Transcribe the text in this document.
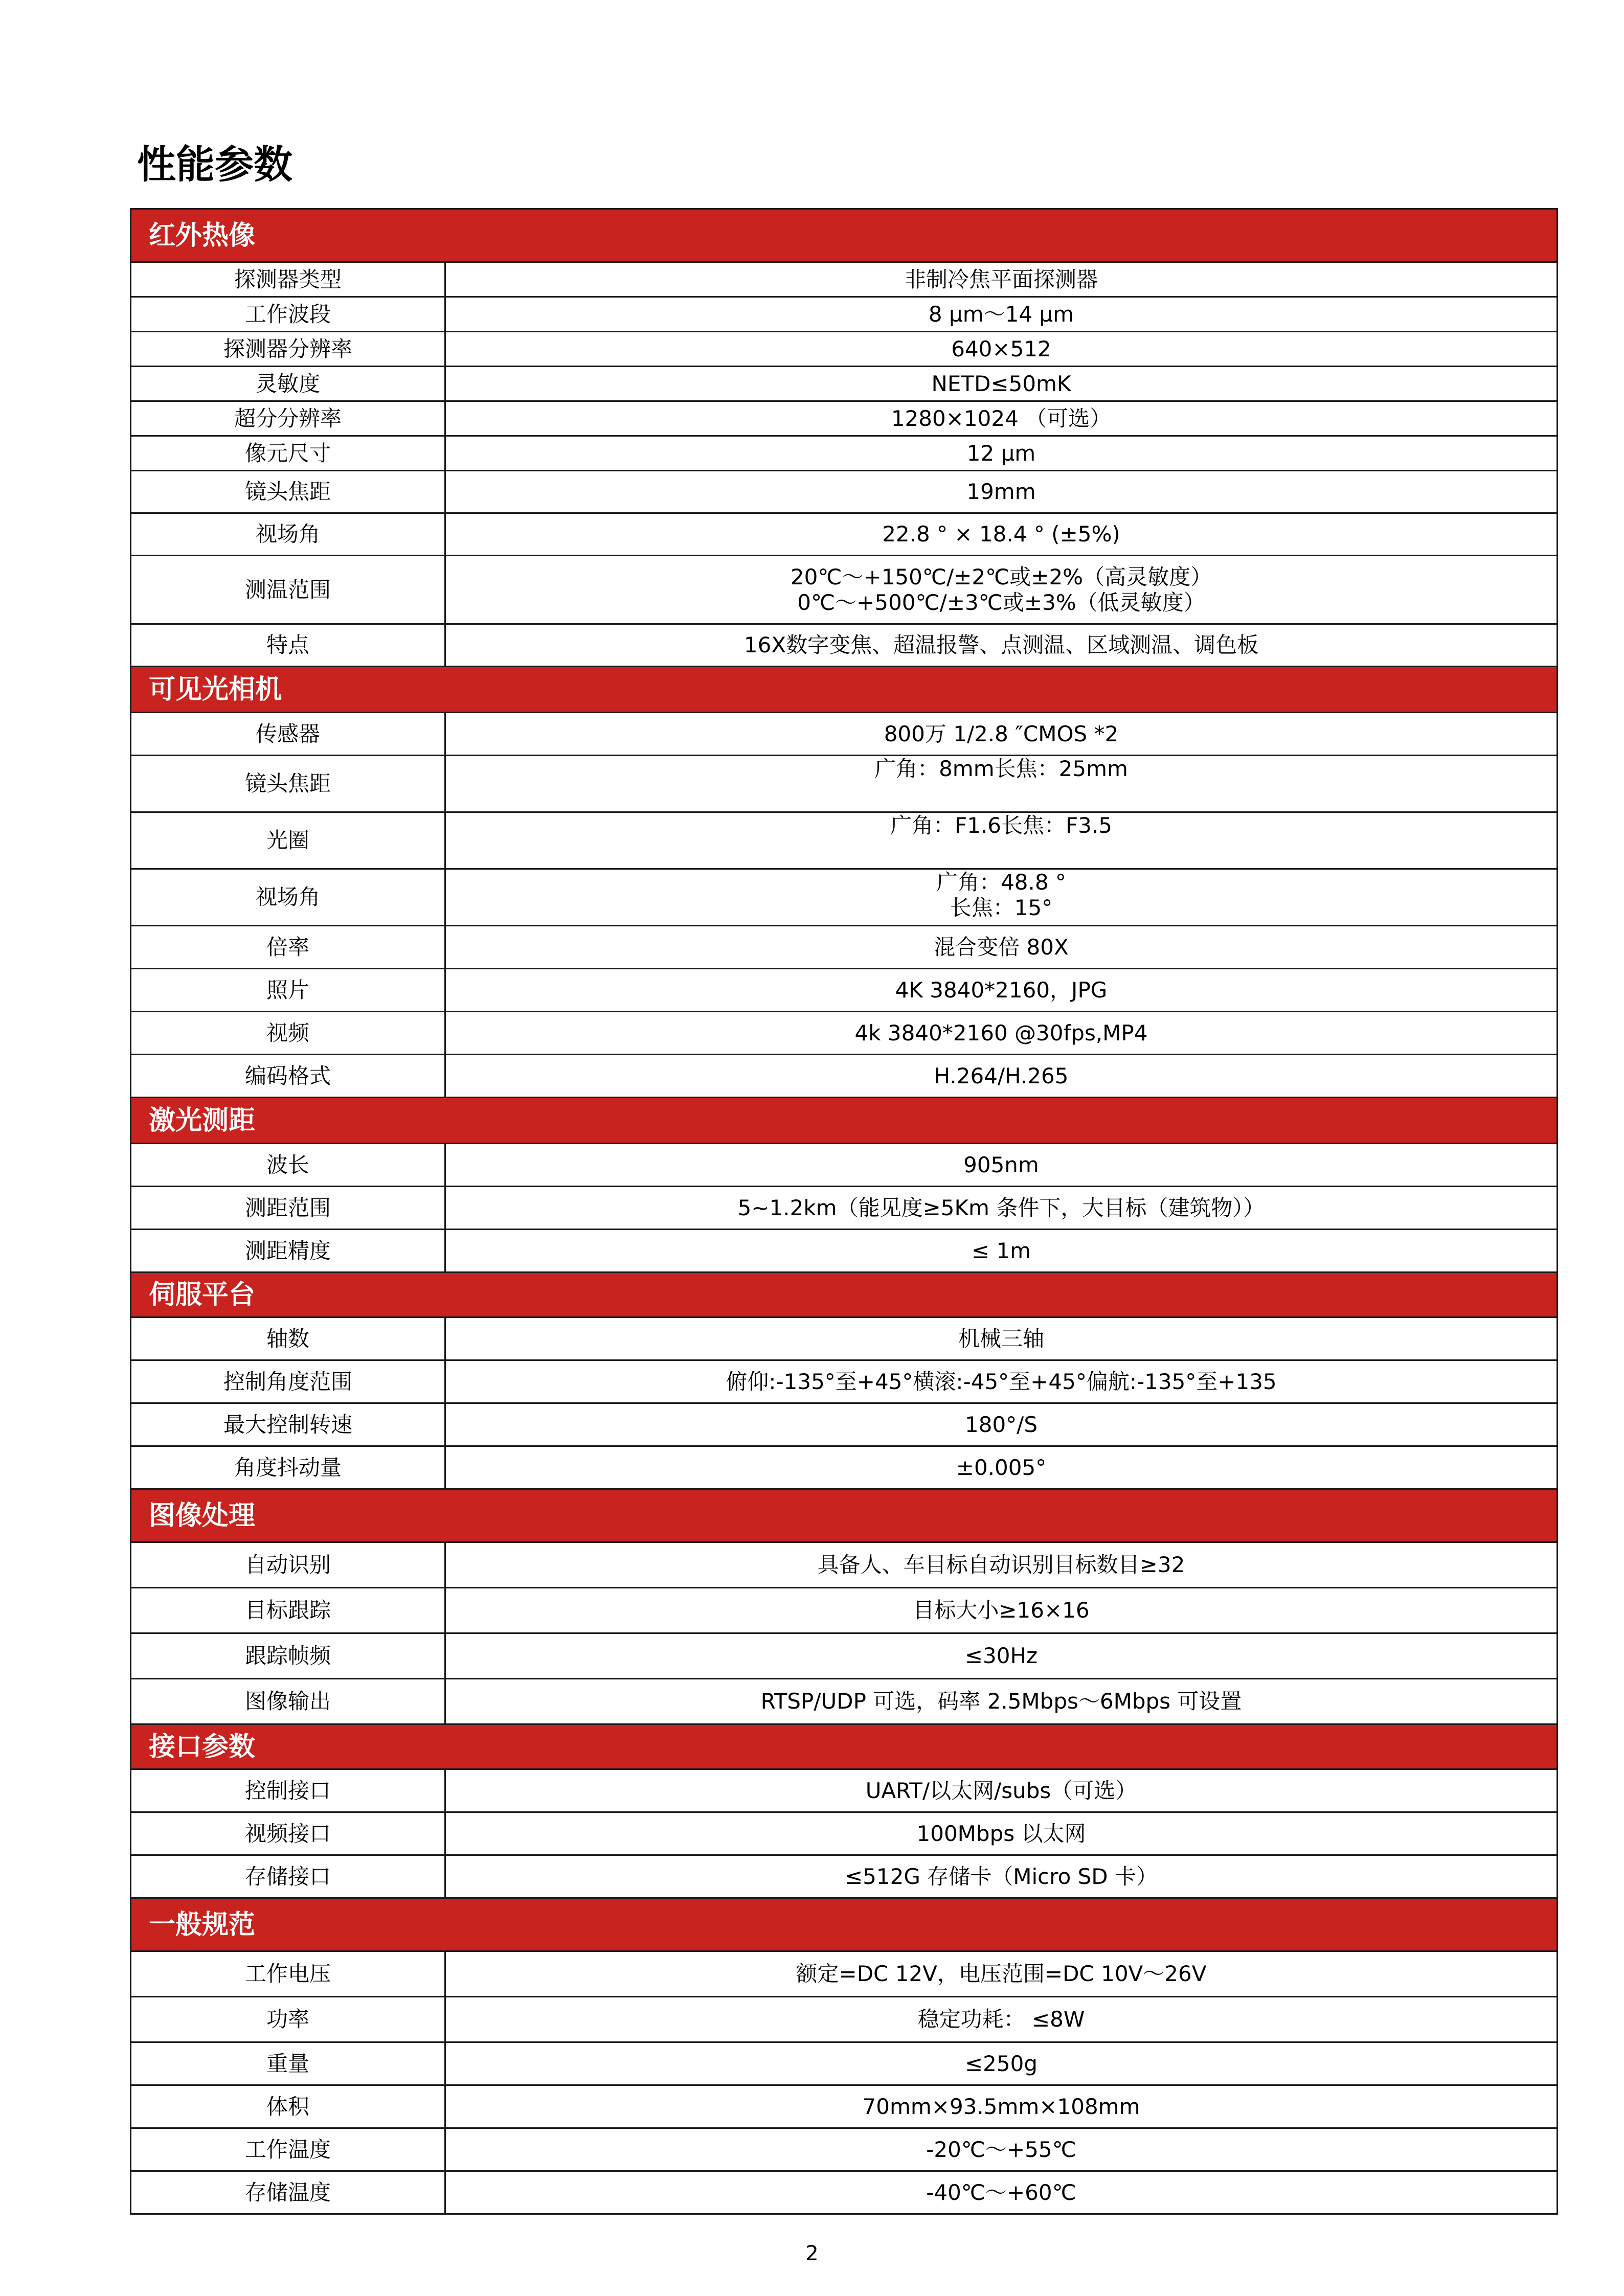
性能参数
红外热像	
探测器类型	非制冷焦平面探测器

工作波段	8 μm～14 μm

探测器分辨率	640×512

灵敏度	NETD≤50mK

超分分辨率	1280×1024 （可选）

像元尺寸	12 μm

镜头焦距	19mm

视场角	22.8 ° × 18.4 ° (±5%)

测温范围	20℃～+150℃/±2℃或±2%（高灵敏度）
0℃～+500℃/±3℃或±3%（低灵敏度）

特点	16X数字变焦、超温报警、点测温、区域测温、调色板

可见光相机	
传感器	800万 1/2.8 ″CMOS *2

镜头焦距	广角：8mm长焦：25mm

光圈	广角：F1.6长焦：F3.5

视场角	广角：48.8 °
长焦：15°

倍率	混合变倍 80X

照片	4K 3840*2160，JPG

视频	4k 3840*2160 @30fps,MP4

编码格式	H.264/H.265

激光测距	
波长	905nm

测距范围	5~1.2km（能见度≥5Km 条件下，大目标（建筑物））

测距精度	≤ 1m

伺服平台	
轴数	机械三轴

控制角度范围	俯仰:-135°至+45°横滚:-45°至+45°偏航:-135°至+135

最大控制转速	180°/S

角度抖动量	±0.005°

图像处理	
自动识别	具备人、车目标自动识别目标数目≥32

目标跟踪	目标大小≥16×16

跟踪帧频	≤30Hz

图像输出	RTSP/UDP 可选，码率 2.5Mbps～6Mbps 可设置

接口参数	
控制接口	UART/以太网/subs（可选）

视频接口	100Mbps 以太网

存储接口	≤512G 存储卡（Micro SD 卡）

一般规范	
工作电压	额定=DC 12V，电压范围=DC 10V～26V

功率	稳定功耗： ≤8W

重量	≤250g

体积	70mm×93.5mm×108mm

工作温度	-20℃～+55℃

存储温度	-40℃～+60℃
2
